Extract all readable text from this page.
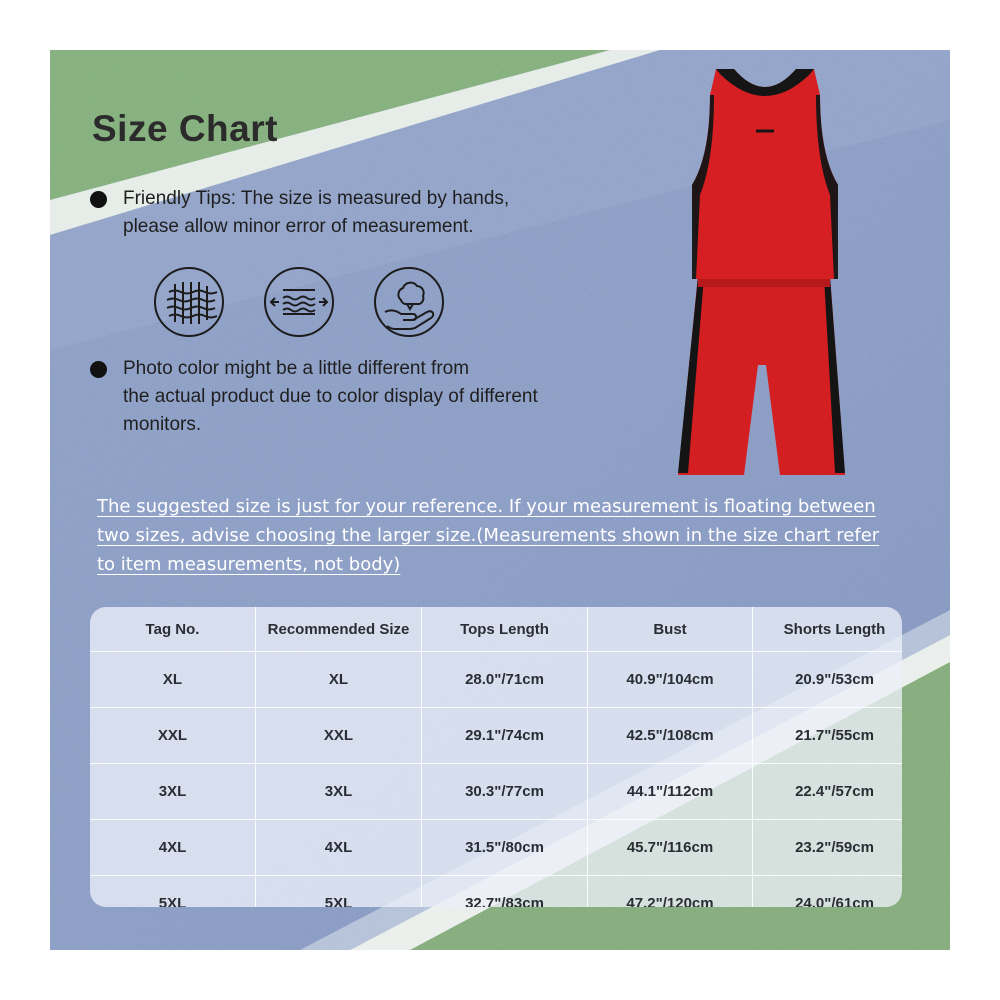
Size Chart
Friendly Tips: The size is measured by hands,
please allow minor error of measurement.
Photo color might be a little different from
the actual product due to color display of different
monitors.
The suggested size is just for your reference. If your measurement is floating between
two sizes, advise choosing the larger size.(Measurements shown in the size chart refer
to item measurements, not body)
Tag No.	Recommended Size	Tops Length	Bust	Shorts Length
XL	XL	28.0"/71cm	40.9"/104cm	20.9"/53cm
XXL	XXL	29.1"/74cm	42.5"/108cm	21.7"/55cm
3XL	3XL	30.3"/77cm	44.1"/112cm	22.4"/57cm
4XL	4XL	31.5"/80cm	45.7"/116cm	23.2"/59cm
5XL	5XL	32.7"/83cm	47.2"/120cm	24.0"/61cm
